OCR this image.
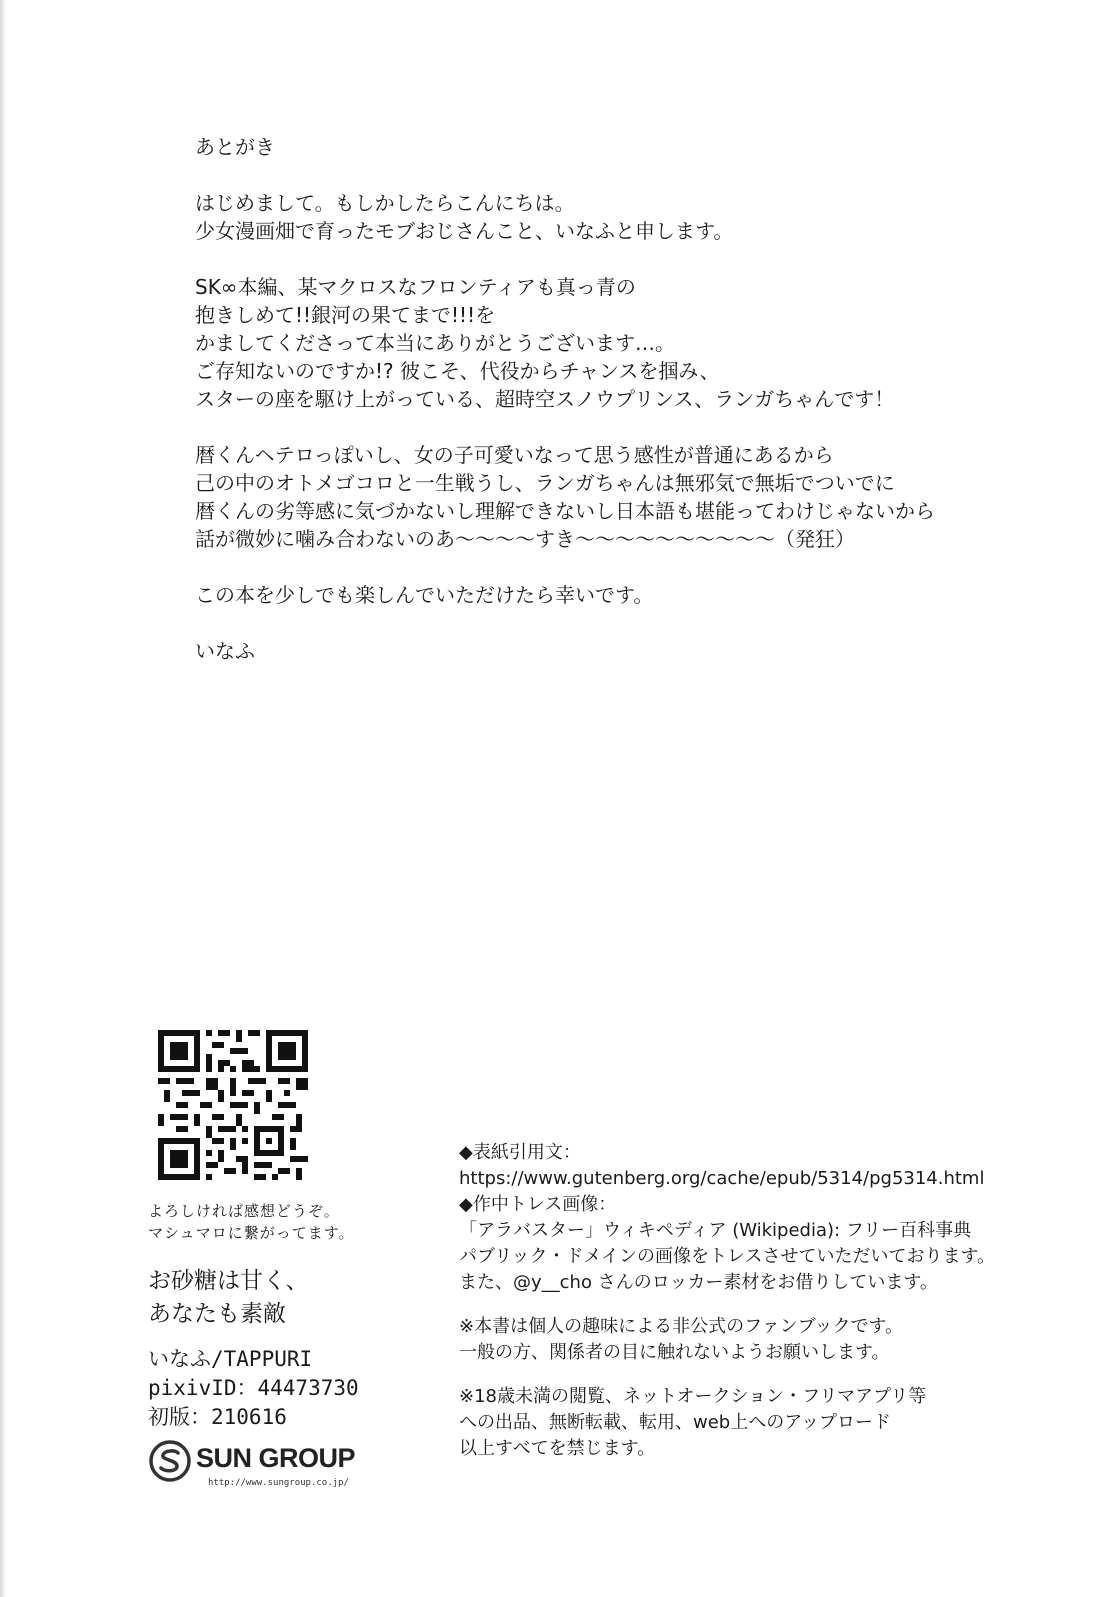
あとがき

はじめまして。もしかしたらこんにちは。
少女漫画畑で育ったモブおじさんこと、いなふと申します。

SK∞本編、某マクロスなフロンティアも真っ青の
抱きしめて!!銀河の果てまで!!!を
かましてくださって本当にありがとうございます…。
ご存知ないのですか!? 彼こそ、代役からチャンスを掴み、
スターの座を駆け上がっている、超時空スノウプリンス、ランガちゃんです！

暦くんヘテロっぽいし、女の子可愛いなって思う感性が普通にあるから
己の中のオトメゴコロと一生戦うし、ランガちゃんは無邪気で無垢でついでに
暦くんの劣等感に気づかないし理解できないし日本語も堪能ってわけじゃないから
話が微妙に噛み合わないのあ〜〜〜〜すき〜〜〜〜〜〜〜〜〜〜（発狂）

この本を少しでも楽しんでいただけたら幸いです。

いなふ

よろしければ感想どうぞ。
マシュマロに繋がってます。
お砂糖は甘く、
あなたも素敵
いなふ/TAPPURI
pixivID：44473730
初版：210616
SUN GROUP
http://www.sungroup.co.jp/
◆表紙引用文：
https://www.gutenberg.org/cache/epub/5314/pg5314.html
◆作中トレス画像：
「アラバスター」ウィキペディア (Wikipedia): フリー百科事典
パブリック・ドメインの画像をトレスさせていただいております。
また、@y__cho さんのロッカー素材をお借りしています。
※本書は個人の趣味による非公式のファンブックです。
一般の方、関係者の目に触れないようお願いします。
※18歳未満の閲覧、ネットオークション・フリマアプリ等
への出品、無断転載、転用、web上へのアップロード
以上すべてを禁じます。
